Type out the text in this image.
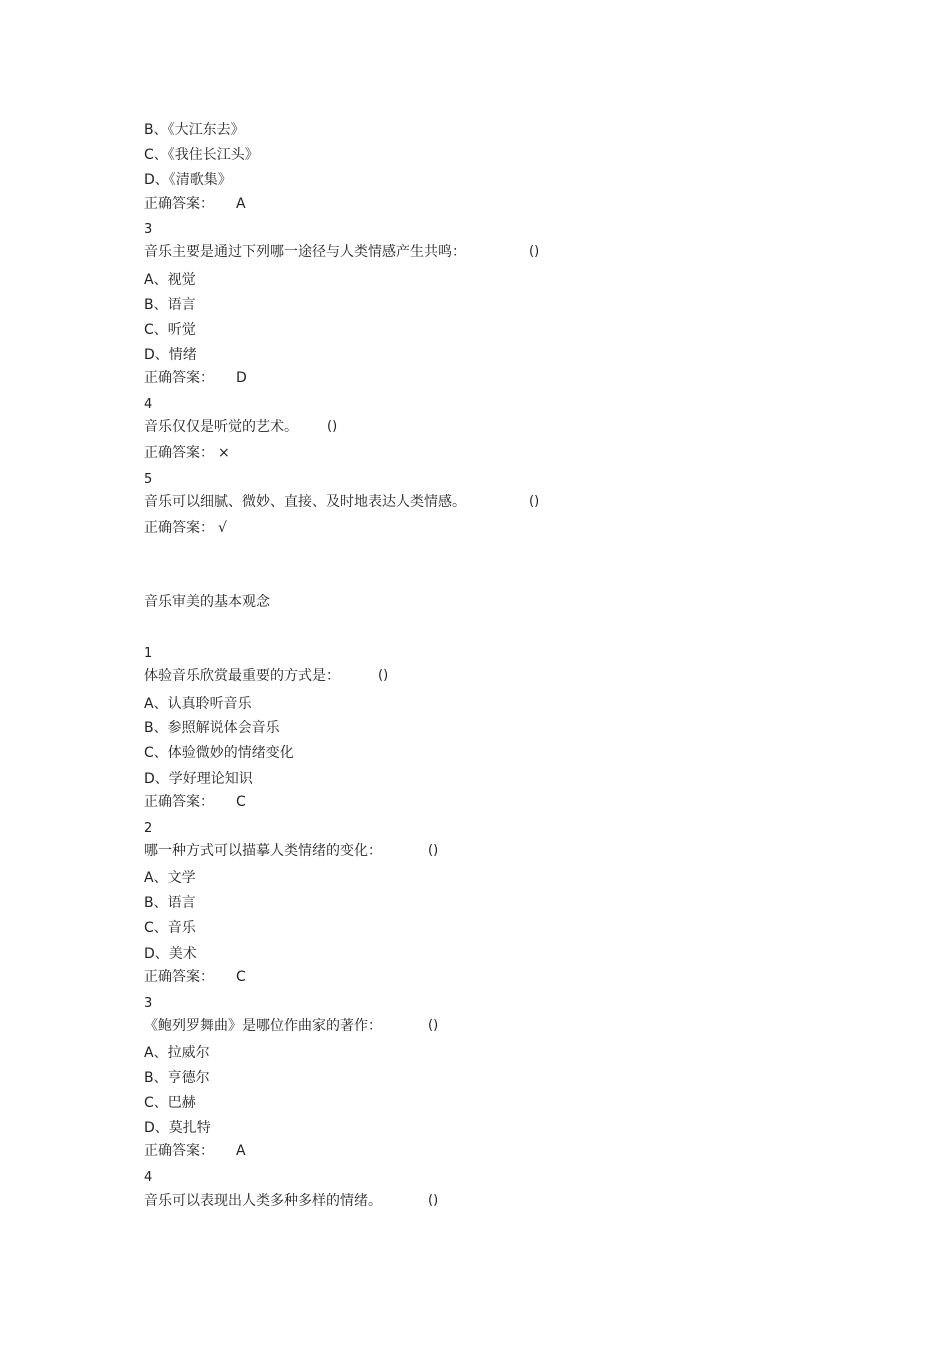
B、《大江东去》
C、《我住长江头》
D、《清歌集》
正确答案： A
3
音乐主要是通过下列哪一途径与人类情感产生共鸣：	()
A、视觉
B、语言
C、听觉
D、情绪
正确答案： D
4
音乐仅仅是听觉的艺术。 ()
正确答案： ×
5
音乐可以细腻、微妙、直接、及时地表达人类情感。	()
正确答案： √
音乐审美的基本观念
1
体验音乐欣赏最重要的方式是：	()
A、认真聆听音乐
B、参照解说体会音乐
C、体验微妙的情绪变化
D、学好理论知识
正确答案： C
2
哪一种方式可以描摹人类情绪的变化：	()
A、文学
B、语言
C、音乐
D、美术
正确答案： C
3
《鲍列罗舞曲》是哪位作曲家的著作：	()
A、拉威尔
B、亨德尔
C、巴赫
D、莫扎特
正确答案： A
4
音乐可以表现出人类多种多样的情绪。	()
